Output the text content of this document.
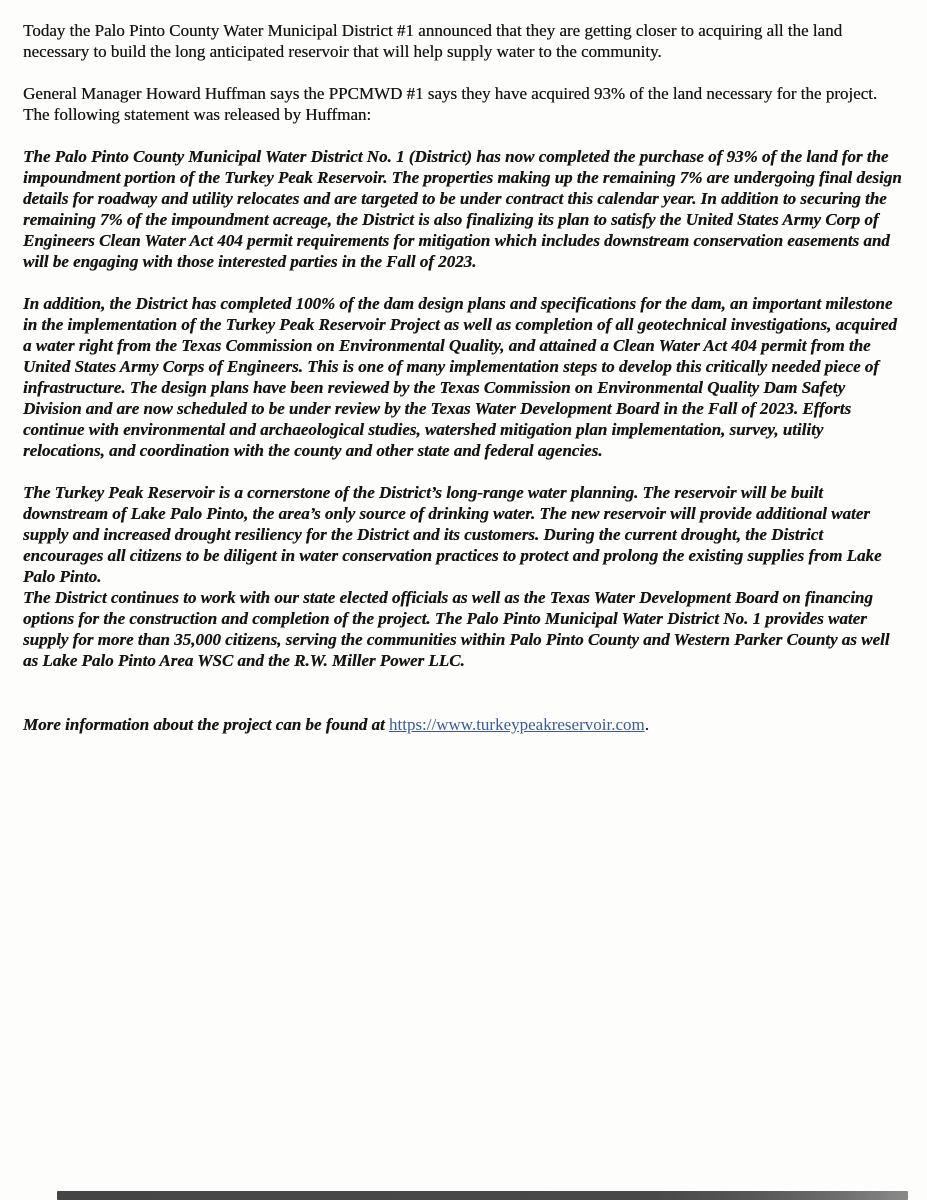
Today the Palo Pinto County Water Municipal District #1 announced that they are getting closer to acquiring all the land necessary to build the long anticipated reservoir that will help supply water to the community.

General Manager Howard Huffman says the PPCMWD #1 says they have acquired 93% of the land necessary for the project. The following statement was released by Huffman:

The Palo Pinto County Municipal Water District No. 1 (District) has now completed the purchase of 93% of the land for the impoundment portion of the Turkey Peak Reservoir. The properties making up the remaining 7% are undergoing final design details for roadway and utility relocates and are targeted to be under contract this calendar year. In addition to securing the remaining 7% of the impoundment acreage, the District is also finalizing its plan to satisfy the United States Army Corp of Engineers Clean Water Act 404 permit requirements for mitigation which includes downstream conservation easements and will be engaging with those interested parties in the Fall of 2023.

In addition, the District has completed 100% of the dam design plans and specifications for the dam, an important milestone in the implementation of the Turkey Peak Reservoir Project as well as completion of all geotechnical investigations, acquired a water right from the Texas Commission on Environmental Quality, and attained a Clean Water Act 404 permit from the United States Army Corps of Engineers. This is one of many implementation steps to develop this critically needed piece of infrastructure. The design plans have been reviewed by the Texas Commission on Environmental Quality Dam Safety Division and are now scheduled to be under review by the Texas Water Development Board in the Fall of 2023. Efforts continue with environmental and archaeological studies, watershed mitigation plan implementation, survey, utility relocations, and coordination with the county and other state and federal agencies.

The Turkey Peak Reservoir is a cornerstone of the District’s long-range water planning. The reservoir will be built downstream of Lake Palo Pinto, the area’s only source of drinking water. The new reservoir will provide additional water supply and increased drought resiliency for the District and its customers. During the current drought, the District encourages all citizens to be diligent in water conservation practices to protect and prolong the existing supplies from Lake Palo Pinto.

The District continues to work with our state elected officials as well as the Texas Water Development Board on financing options for the construction and completion of the project. The Palo Pinto Municipal Water District No. 1 provides water supply for more than 35,000 citizens, serving the communities within Palo Pinto County and Western Parker County as well as Lake Palo Pinto Area WSC and the R.W. Miller Power LLC.

More information about the project can be found at https://www.turkeypeakreservoir.com.
